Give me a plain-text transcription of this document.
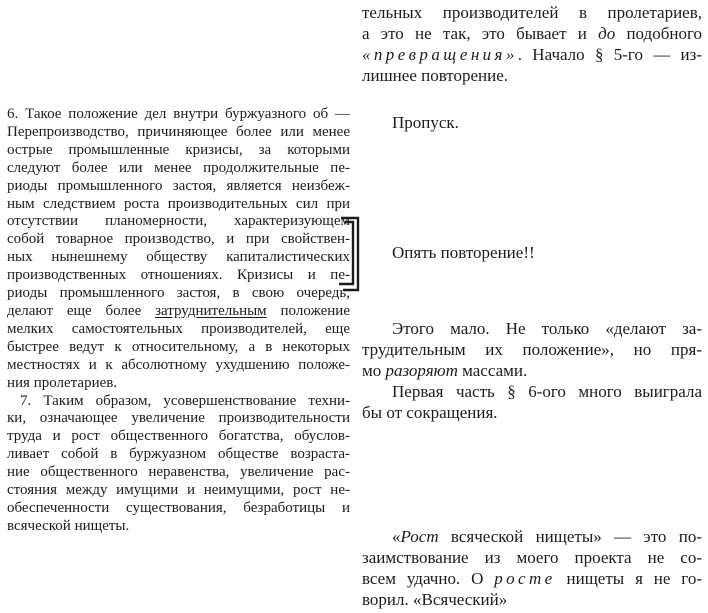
6. Такое положение дел внутри буржуазного об —
Перепроизводство, причиняющее более или менее
острые промышленные кризисы, за которыми
следуют более или менее продолжительные пе-
риоды промышленного застоя, является неизбеж-
ным следствием роста производительных сил при
отсутствии планомерности, характеризующем
собой товарное производство, и при свойствен-
ных нынешнему обществу капиталистических
производственных отношениях. Кризисы и пе-
риоды промышленного застоя, в свою очередь,
делают еще более затруднительным положение
мелких самостоятельных производителей, еще
быстрее ведут к относительному, а в некоторых
местностях и к абсолютному ухудшению положе-
ния пролетариев.
7. Таким образом, усовершенствование техни-
ки, означающее увеличение производительности
труда и рост общественного богатства, обуслов-
ливает собой в буржуазном обществе возраста-
ние общественного неравенства, увеличение рас-
стояния между имущими и неимущими, рост не-
обеспеченности существования, безработицы и
всяческой нищеты.
тельных производителей в пролетариев,
а это не так, это бывает и до подобного
«превращения». Начало § 5-го — из-
лишнее повторение.
Пропуск.
Опять повторение!!
Этого мало. Не только «делают за-
трудительным их положение», но пря-
мо разоряют массами.
Первая часть § 6-ого много выиграла
бы от сокращения.
«Рост всяческой нищеты» — это по-
заимствование из моего проекта не со-
всем удачно. О росте нищеты я не го-
ворил. «Всяческий»
